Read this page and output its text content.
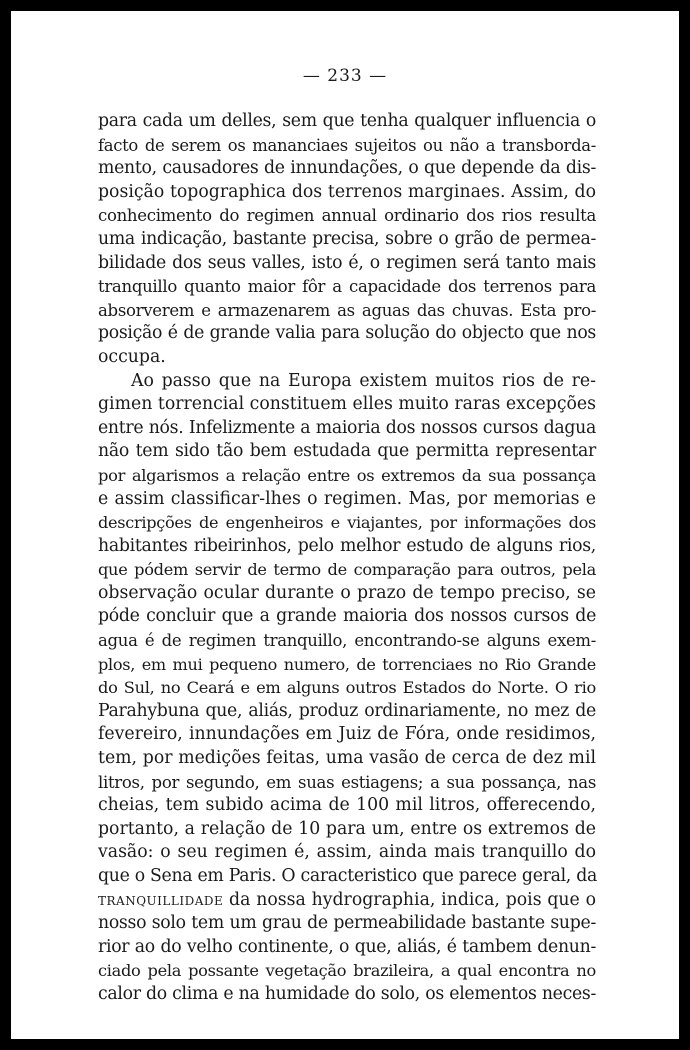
— 233 —
para cada um delles, sem que tenha qualquer influencia o
facto de serem os mananciaes sujeitos ou não a transborda-
mento, causadores de innundações, o que depende da dis-
posição topographica dos terrenos marginaes. Assim, do
conhecimento do regimen annual ordinario dos rios resulta
uma indicação, bastante precisa, sobre o grão de permea-
bilidade dos seus valles, isto é, o regimen será tanto mais
tranquillo quanto maior fôr a capacidade dos terrenos para
absorverem e armazenarem as aguas das chuvas. Esta pro-
posição é de grande valia para solução do objecto que nos
occupa.
Ao passo que na Europa existem muitos rios de re-
gimen torrencial constituem elles muito raras excepções
entre nós. Infelizmente a maioria dos nossos cursos dagua
não tem sido tão bem estudada que permitta representar
por algarismos a relação entre os extremos da sua possança
e assim classificar-lhes o regimen. Mas, por memorias e
descripções de engenheiros e viajantes, por informações dos
habitantes ribeirinhos, pelo melhor estudo de alguns rios,
que pódem servir de termo de comparação para outros, pela
observação ocular durante o prazo de tempo preciso, se
póde concluir que a grande maioria dos nossos cursos de
agua é de regimen tranquillo, encontrando-se alguns exem-
plos, em mui pequeno numero, de torrenciaes no Rio Grande
do Sul, no Ceará e em alguns outros Estados do Norte. O rio
Parahybuna que, aliás, produz ordinariamente, no mez de
fevereiro, innundações em Juiz de Fóra, onde residimos,
tem, por medições feitas, uma vasão de cerca de dez mil
litros, por segundo, em suas estiagens; a sua possança, nas
cheias, tem subido acima de 100 mil litros, offerecendo,
portanto, a relação de 10 para um, entre os extremos de
vasão: o seu regimen é, assim, ainda mais tranquillo do
que o Sena em Paris. O caracteristico que parece geral, da
tranquillidade da nossa hydrographia, indica, pois que o
nosso solo tem um grau de permeabilidade bastante supe-
rior ao do velho continente, o que, aliás, é tambem denun-
ciado pela possante vegetação brazileira, a qual encontra no
calor do clima e na humidade do solo, os elementos neces-
